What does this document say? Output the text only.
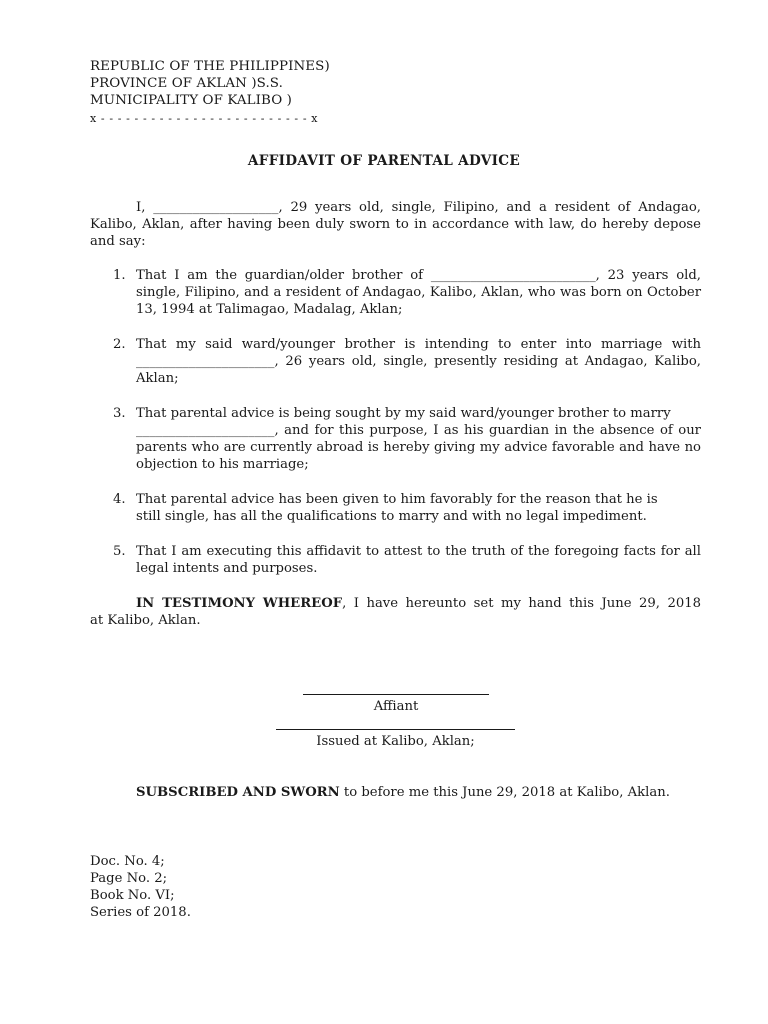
REPUBLIC OF THE PHILIPPINES)
PROVINCE OF AKLAN )S.S.
MUNICIPALITY OF KALIBO )
x - - - - - - - - - - - - - - - - - - - - - - - - - x
AFFIDAVIT OF PARENTAL ADVICE
I, ___________________, 29 years old, single, Filipino, and a resident of Andagao,
Kalibo, Aklan, after having been duly sworn to in accordance with law, do hereby depose
and say:
1. That I am the guardian/older brother of _________________________, 23 years old,
single, Filipino, and a resident of Andagao, Kalibo, Aklan, who was born on October
13, 1994 at Talimagao, Madalag, Aklan;
2. That my said ward/younger brother is intending to enter into marriage with
_____________________, 26 years old, single, presently residing at Andagao, Kalibo,
Aklan;
3. That parental advice is being sought by my said ward/younger brother to marry
_____________________, and for this purpose, I as his guardian in the absence of our
parents who are currently abroad is hereby giving my advice favorable and have no
objection to his marriage;
4. That parental advice has been given to him favorably for the reason that he is
still single, has all the qualifications to marry and with no legal impediment.
5. That I am executing this affidavit to attest to the truth of the foregoing facts for all
legal intents and purposes.
IN TESTIMONY WHEREOF, I have hereunto set my hand this June 29, 2018
at Kalibo, Aklan.
Affiant
Issued at Kalibo, Aklan;
SUBSCRIBED AND SWORN to before me this June 29, 2018 at Kalibo, Aklan.
Doc. No. 4;
Page No. 2;
Book No. VI;
Series of 2018.
